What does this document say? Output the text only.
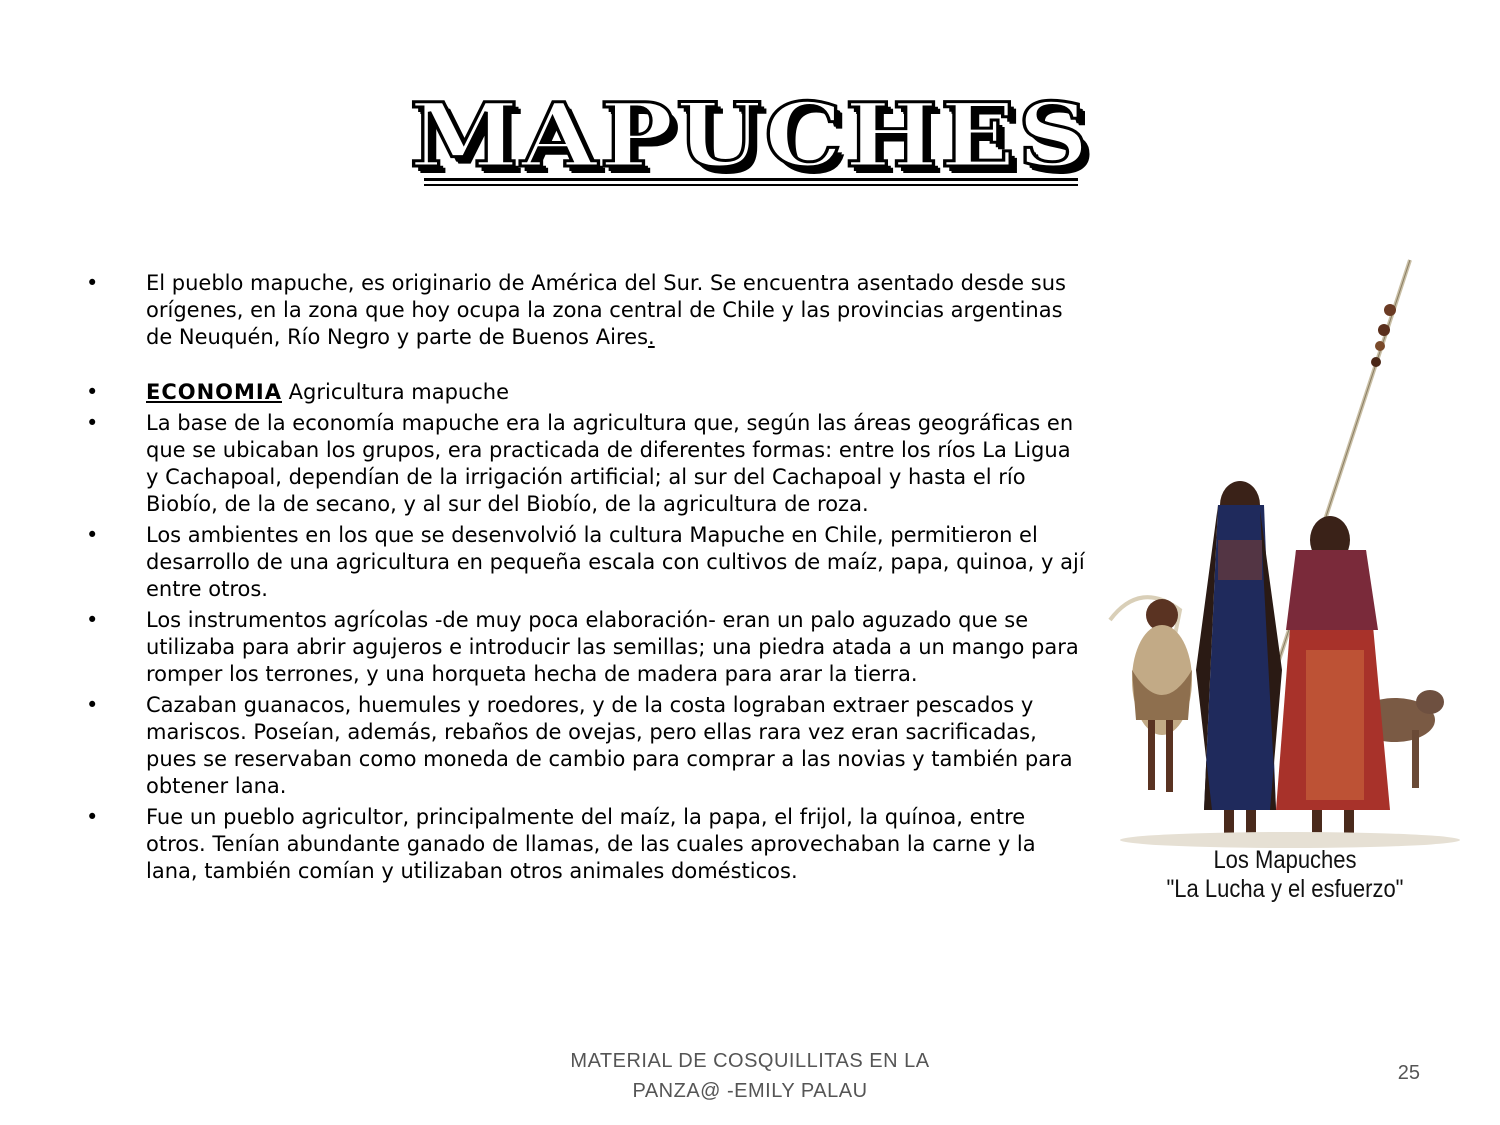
MAPUCHES
•	El pueblo mapuche, es originario de América del Sur. Se encuentra asentado desde sus orígenes, en la zona que hoy ocupa la zona central de Chile y las provincias argentinas de Neuquén, Río Negro y parte de Buenos Aires.
•	ECONOMIA Agricultura mapuche
•	La base de la economía mapuche era la agricultura que, según las áreas geográficas en que se ubicaban los grupos, era practicada de diferentes formas: entre los ríos La Ligua y Cachapoal, dependían de la irrigación artificial; al sur del Cachapoal y hasta el río Biobío, de la de secano, y al sur del Biobío, de la agricultura de roza.
•	Los ambientes en los que se desenvolvió la cultura Mapuche en Chile, permitieron el desarrollo de una agricultura en pequeña escala con cultivos de maíz, papa, quinoa, y ají entre otros.
•	Los instrumentos agrícolas -de muy poca elaboración- eran un palo aguzado que se utilizaba para abrir agujeros e introducir las semillas; una piedra atada a un mango para romper los terrones, y una horqueta hecha de madera para arar la tierra.
•	Cazaban guanacos, huemules y roedores, y de la costa lograban extraer pescados y mariscos. Poseían, además, rebaños de ovejas, pero ellas rara vez eran sacrificadas, pues se reservaban como moneda de cambio para comprar a las novias y también para obtener lana.
•	Fue un pueblo agricultor, principalmente del maíz, la papa, el frijol, la quínoa, entre otros. Tenían abundante ganado de llamas, de las cuales aprovechaban la carne y la lana, también comían y utilizaban otros animales domésticos.	Los Mapuches
"La Lucha y el esfuerzo"
MATERIAL DE COSQUILLITAS EN LA
PANZA@ -EMILY PALAU
25
